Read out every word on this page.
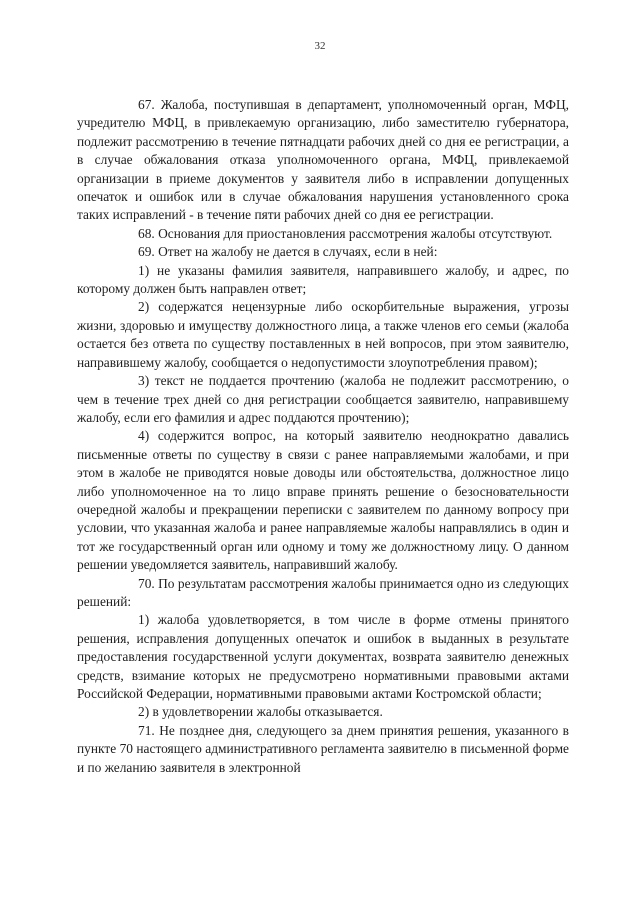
32

67. Жалоба, поступившая в департамент, уполномоченный орган, МФЦ, учредителю МФЦ, в привлекаемую организацию, либо заместителю губернатора, подлежит рассмотрению в течение пятнадцати рабочих дней со дня ее регистрации, а в случае обжалования отказа уполномоченного органа, МФЦ, привлекаемой организации в приеме документов у заявителя либо в исправлении допущенных опечаток и ошибок или в случае обжалования нарушения установленного срока таких исправлений - в течение пяти рабочих дней со дня ее регистрации.

68. Основания для приостановления рассмотрения жалобы отсутствуют.

69. Ответ на жалобу не дается в случаях, если в ней:

1) не указаны фамилия заявителя, направившего жалобу, и адрес, по которому должен быть направлен ответ;

2) содержатся нецензурные либо оскорбительные выражения, угрозы жизни, здоровью и имуществу должностного лица, а также членов его семьи (жалоба остается без ответа по существу поставленных в ней вопросов, при этом заявителю, направившему жалобу, сообщается о недопустимости злоупотребления правом);

3) текст не поддается прочтению (жалоба не подлежит рассмотрению, о чем в течение трех дней со дня регистрации сообщается заявителю, направившему жалобу, если его фамилия и адрес поддаются прочтению);

4) содержится вопрос, на который заявителю неоднократно давались письменные ответы по существу в связи с ранее направляемыми жалобами, и при этом в жалобе не приводятся новые доводы или обстоятельства, должностное лицо либо уполномоченное на то лицо вправе принять решение о безосновательности очередной жалобы и прекращении переписки с заявителем по данному вопросу при условии, что указанная жалоба и ранее направляемые жалобы направлялись в один и тот же государственный орган или одному и тому же должностному лицу. О данном решении уведомляется заявитель, направивший жалобу.

70. По результатам рассмотрения жалобы принимается одно из следующих решений:

1) жалоба удовлетворяется, в том числе в форме отмены принятого решения, исправления допущенных опечаток и ошибок в выданных в результате предоставления государственной услуги документах, возврата заявителю денежных средств, взимание которых не предусмотрено нормативными правовыми актами Российской Федерации, нормативными правовыми актами Костромской области;

2) в удовлетворении жалобы отказывается.

71. Не позднее дня, следующего за днем принятия решения, указанного в пункте 70 настоящего административного регламента заявителю в письменной форме и по желанию заявителя в электронной
